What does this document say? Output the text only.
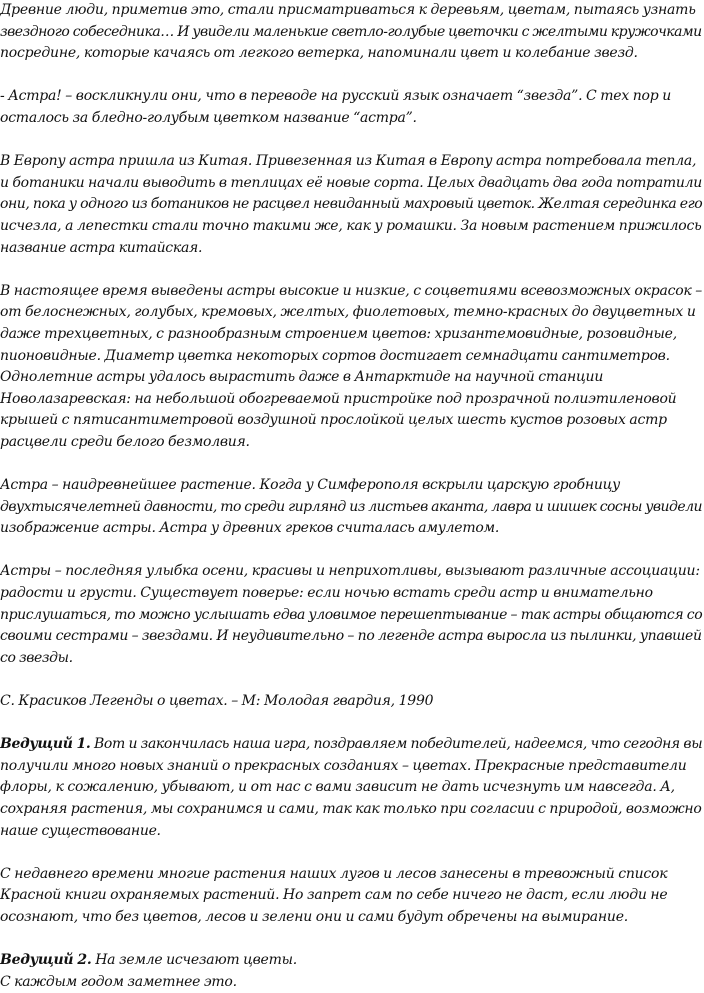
Древние люди, приметив это, стали присматриваться к деревьям, цветам, пытаясь узнать
звездного собеседника… И увидели маленькие светло-голубые цветочки с желтыми кружочками
посредине, которые качаясь от легкого ветерка, напоминали цвет и колебание звезд.
- Астра! – воскликнули они, что в переводе на русский язык означает “звезда”. С тех пор и
осталось за бледно-голубым цветком название “астра”.
В Европу астра пришла из Китая. Привезенная из Китая в Европу астра потребовала тепла,
и ботаники начали выводить в теплицах её новые сорта. Целых двадцать два года потратили
они, пока у одного из ботаников не расцвел невиданный махровый цветок. Желтая серединка его
исчезла, а лепестки стали точно такими же, как у ромашки. За новым растением прижилось
название астра китайская.
В настоящее время выведены астры высокие и низкие, с соцветиями всевозможных окрасок –
от белоснежных, голубых, кремовых, желтых, фиолетовых, темно-красных до двуцветных и
даже трехцветных, с разнообразным строением цветов: хризантемовидные, розовидные,
пионовидные. Диаметр цветка некоторых сортов достигает семнадцати сантиметров.
Однолетние астры удалось вырастить даже в Антарктиде на научной станции
Новолазаревская: на небольшой обогреваемой пристройке под прозрачной полиэтиленовой
крышей с пятисантиметровой воздушной прослойкой целых шесть кустов розовых астр
расцвели среди белого безмолвия.
Астра – наидревнейшее растение. Когда у Симферополя вскрыли царскую гробницу
двухтысячелетней давности, то среди гирлянд из листьев аканта, лавра и шишек сосны увидели
изображение астры. Астра у древних греков считалась амулетом.
Астры – последняя улыбка осени, красивы и неприхотливы, вызывают различные ассоциации:
радости и грусти. Существует поверье: если ночью встать среди астр и внимательно
прислушаться, то можно услышать едва уловимое перешептывание – так астры общаются со
своими сестрами – звездами. И неудивительно – по легенде астра выросла из пылинки, упавшей
со звезды.
С. Красиков Легенды о цветах. – М: Молодая гвардия, 1990
Ведущий 1. Вот и закончилась наша игра, поздравляем победителей, надеемся, что сегодня вы
получили много новых знаний о прекрасных созданиях – цветах. Прекрасные представители
флоры, к сожалению, убывают, и от нас с вами зависит не дать исчезнуть им навсегда. А,
сохраняя растения, мы сохранимся и сами, так как только при согласии с природой, возможно
наше существование.
С недавнего времени многие растения наших лугов и лесов занесены в тревожный список
Красной книги охраняемых растений. Но запрет сам по себе ничего не даст, если люди не
осознают, что без цветов, лесов и зелени они и сами будут обречены на вымирание.
Ведущий 2. На земле исчезают цветы.
С каждым годом заметнее это.
